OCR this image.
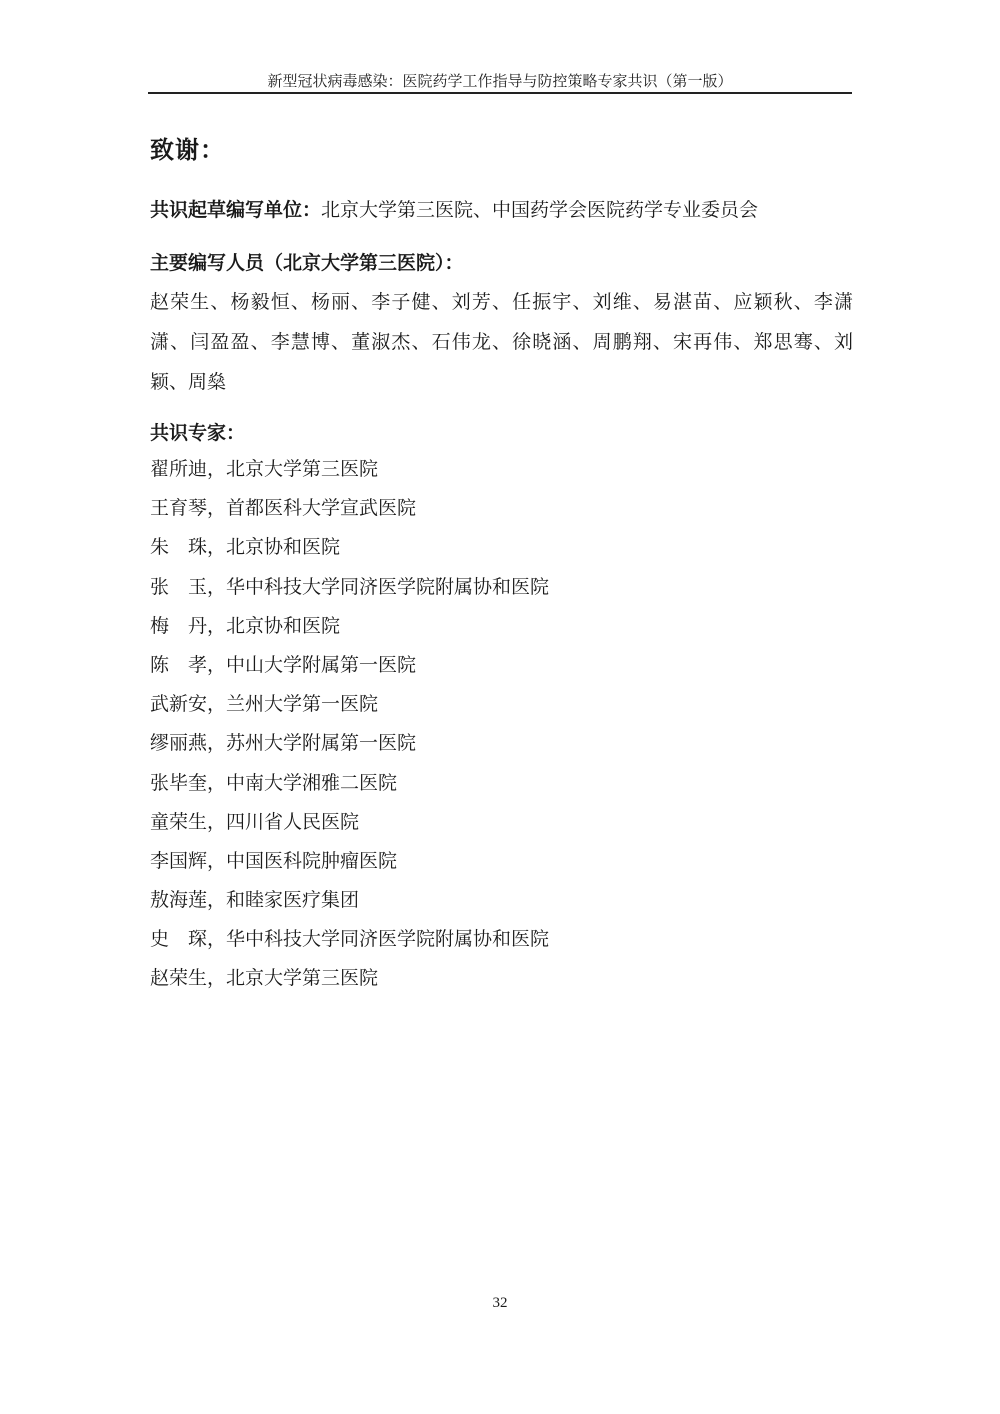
新型冠状病毒感染：医院药学工作指导与防控策略专家共识（第一版）
致谢：
共识起草编写单位：北京大学第三医院、中国药学会医院药学专业委员会
主要编写人员（北京大学第三医院）：
赵荣生、杨毅恒、杨丽、李子健、刘芳、任振宇、刘维、易湛苗、应颖秋、李潇
潇、闫盈盈、李慧博、董淑杰、石伟龙、徐晓涵、周鹏翔、宋再伟、郑思骞、刘
颖、周燊
共识专家：
翟所迪，北京大学第三医院
王育琴，首都医科大学宣武医院
朱　珠，北京协和医院
张　玉，华中科技大学同济医学院附属协和医院
梅　丹，北京协和医院
陈　孝，中山大学附属第一医院
武新安，兰州大学第一医院
缪丽燕，苏州大学附属第一医院
张毕奎，中南大学湘雅二医院
童荣生，四川省人民医院
李国辉，中国医科院肿瘤医院
敖海莲，和睦家医疗集团
史　琛，华中科技大学同济医学院附属协和医院
赵荣生，北京大学第三医院
32
